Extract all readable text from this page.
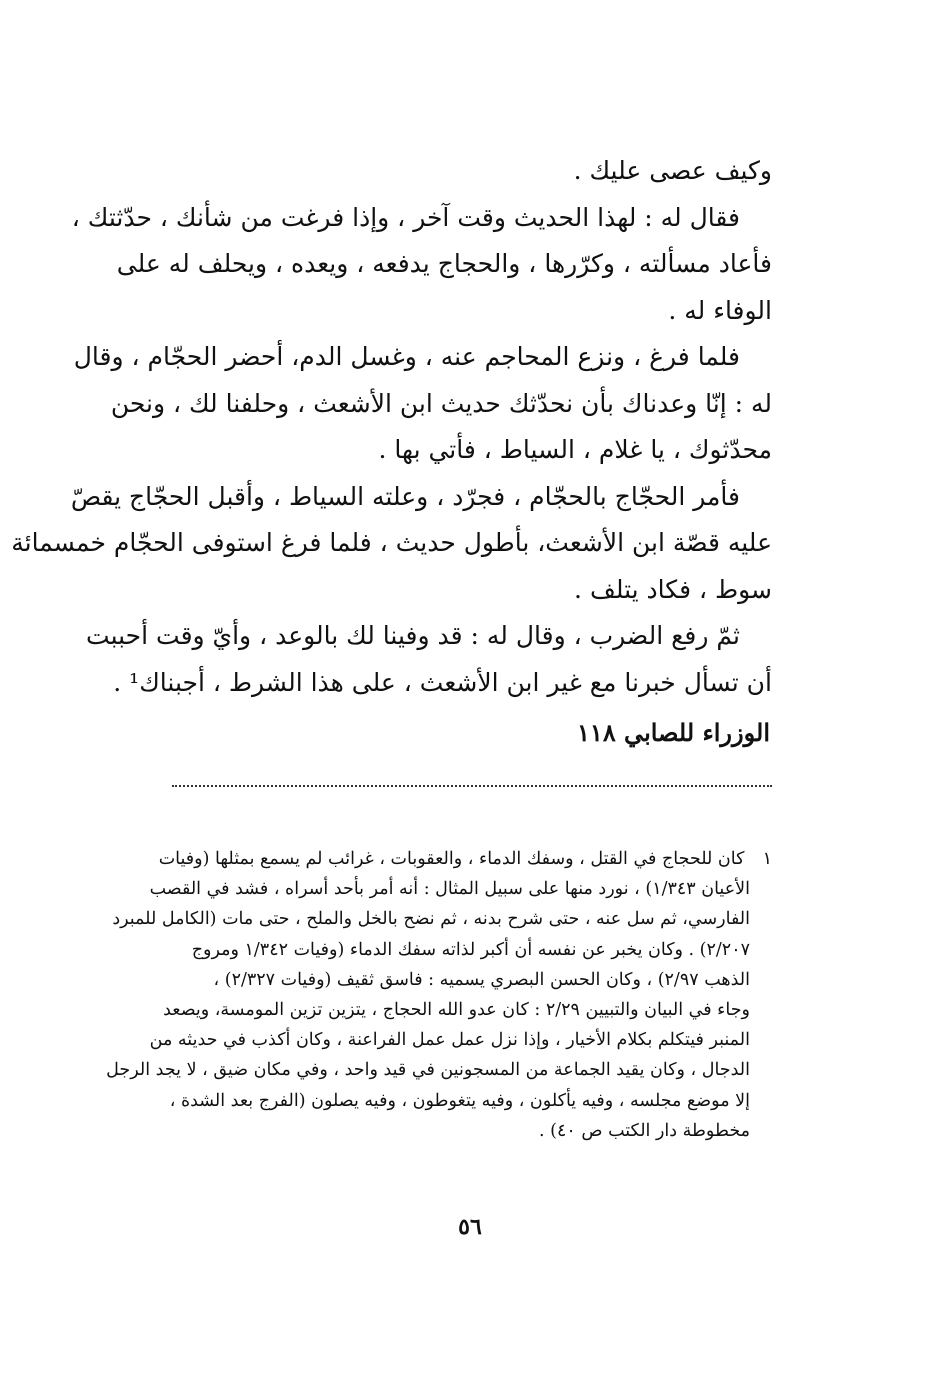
وكيف عصى عليك .
فقال له : لهذا الحديث وقت آخر ، وإذا فرغت من شأنك ، حدّثتك ،
فأعاد مسألته ، وكرّرها ، والحجاج يدفعه ، ويعده ، ويحلف له على
الوفاء له .
فلما فرغ ، ونزع المحاجم عنه ، وغسل الدم، أحضر الحجّام ، وقال
له : إنّا وعدناك بأن نحدّثك حديث ابن الأشعث ، وحلفنا لك ، ونحن
محدّثوك ، يا غلام ، السياط ، فأتي بها .
فأمر الحجّاج بالحجّام ، فجرّد ، وعلته السياط ، وأقبل الحجّاج يقصّ
عليه قصّة ابن الأشعث، بأطول حديث ، فلما فرغ استوفى الحجّام خمسمائة
سوط ، فكاد يتلف .
ثمّ رفع الضرب ، وقال له : قد وفينا لك بالوعد ، وأيّ وقت أحببت
أن تسأل خبرنا مع غير ابن الأشعث ، على هذا الشرط ، أجبناك¹ .
الوزراء للصابي ١١٨
١ كان للحجاج في القتل ، وسفك الدماء ، والعقوبات ، غرائب لم يسمع بمثلها (وفيات
الأعيان ١/٣٤٣) ، نورد منها على سبيل المثال : أنه أمر بأحد أسراه ، فشد في القصب
الفارسي، ثم سل عنه ، حتى شرح بدنه ، ثم نضح بالخل والملح ، حتى مات (الكامل للمبرد
٢/٢٠٧) . وكان يخبر عن نفسه أن أكبر لذاته سفك الدماء (وفيات ١/٣٤٢ ومروج
الذهب ٢/٩٧) ، وكان الحسن البصري يسميه : فاسق ثقيف (وفيات ٢/٣٢٧) ،
وجاء في البيان والتبيين ٢/٢٩ : كان عدو الله الحجاج ، يتزين تزين المومسة، ويصعد
المنبر فيتكلم بكلام الأخيار ، وإذا نزل عمل عمل الفراعنة ، وكان أكذب في حديثه من
الدجال ، وكان يقيد الجماعة من المسجونين في قيد واحد ، وفي مكان ضيق ، لا يجد الرجل
إلا موضع مجلسه ، وفيه يأكلون ، وفيه يتغوطون ، وفيه يصلون (الفرج بعد الشدة ،
مخطوطة دار الكتب ص ٤٠) .
٥٦
